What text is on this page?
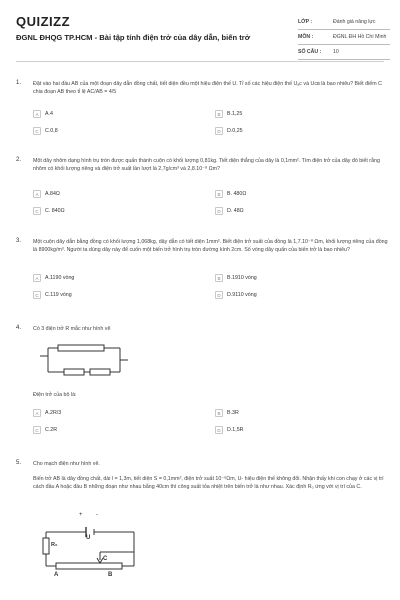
QUIZIZZ
ĐGNL ĐHQG TP.HCM - Bài tập tính điện trở của dây dẫn, biến trở
LỚP :	Đánh giá năng lực
MÔN :	ĐGNL ĐH Hồ Chí Minh
SỐ CÂU :	10
1. Đặt vào hai đầu AB của một đoạn dây dẫn đồng chất, tiết diện đều một hiệu điện thế U. Tỉ số các hiệu điện thế Uₐc và Ucв là bao nhiêu? Biết điểm C chia đoạn AB theo tỉ lệ AC/AB = 4/5
A	A.4	B	B.1,25
C	C.0,8	D	D.0,25
2. Một dây nhôm dạng hình trụ tròn được quấn thành cuộn có khối lượng 0,81kg. Tiết diện thẳng của dây là 0,1mm². Tìm điện trở của dây đó biết rằng nhôm có khối lượng riêng và điện trở suất lần lượt là 2,7g/cm³ và 2,8.10⁻⁸ Ωm?
A	A.84Ω	B	B. 480Ω
C	C. 840Ω	D	D. 48Ω
3. Một cuộn dây dẫn bằng đồng có khối lượng 1,068kg, dây dẫn có tiết diện 1mm². Biết điện trở suất của đồng là 1,7.10⁻⁸ Ωm, khối lượng riêng của đồng là 8900kg/m³. Người ta dùng dây này để cuốn một biến trở hình trụ tròn đường kính 2cm. Số vòng dây quấn của biến trở là bao nhiêu?
A	A.1190 vòng	B	B.1910 vòng
C	C.119 vòng	D	D.9110 vòng
4. Có 3 điện trở R mắc như hình vẽ
Điện trở của bộ là:
A	A.2R/3	B	B.3R
C	C.2R	D	D.1,5R
5. Cho mạch điện như hình vẽ.
Biến trở AB là dây đồng chất, dài l = 1,3m, tiết diện S = 0,1mm², điện trở suất 10⁻⁶Ωm, U- hiệu điện thế không đổi. Nhận thấy khi con chạy ở các vị trí cách đầu A hoặc đầu B những đoạn như nhau bằng 40cm thì công suất tỏa nhiệt trên biến trở là như nhau. Xác định R₀ ứng với vị trí của C.
+ -
U
R₀
C
A	B
